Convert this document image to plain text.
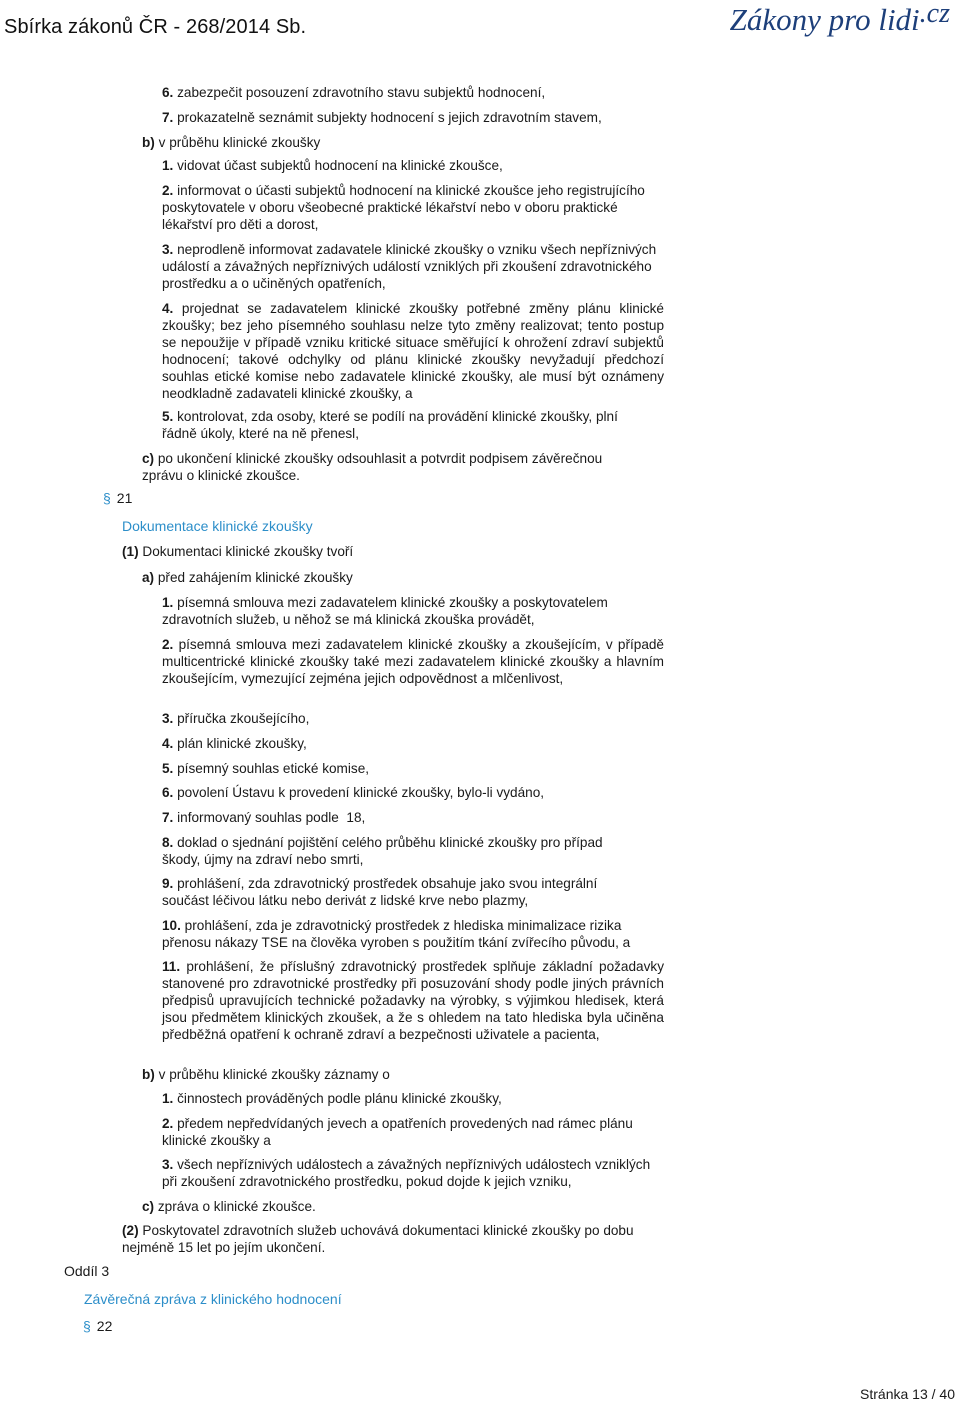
Sbírka zákonů ČR - 268/2014 Sb.	Zákony pro lidi.cz

6. zabezpečit posouzení zdravotního stavu subjektů hodnocení,

7. prokazatelně seznámit subjekty hodnocení s jejich zdravotním stavem,

b) v průběhu klinické zkoušky

1. vidovat účast subjektů hodnocení na klinické zkoušce,

2. informovat o účasti subjektů hodnocení na klinické zkoušce jeho registrujícího poskytovatele v oboru všeobecné praktické lékařství nebo v oboru praktické lékařství pro děti a dorost,

3. neprodleně informovat zadavatele klinické zkoušky o vzniku všech nepříznivých událostí a závažných nepříznivých událostí vzniklých při zkoušení zdravotnického prostředku a o učiněných opatřeních,

4. projednat se zadavatelem klinické zkoušky potřebné změny plánu klinické zkoušky; bez jeho písemného souhlasu nelze tyto změny realizovat; tento postup se nepoužije v případě vzniku kritické situace směřující k ohrožení zdraví subjektů hodnocení; takové odchylky od plánu klinické zkoušky nevyžadují předchozí souhlas etické komise nebo zadavatele klinické zkoušky, ale musí být oznámeny neodkladně zadavateli klinické zkoušky, a

5. kontrolovat, zda osoby, které se podílí na provádění klinické zkoušky, plní řádně úkoly, které na ně přenesl,

c) po ukončení klinické zkoušky odsouhlasit a potvrdit podpisem závěrečnou zprávu o klinické zkoušce.

§ 21
Dokumentace klinické zkoušky

(1) Dokumentaci klinické zkoušky tvoří

a) před zahájením klinické zkoušky

1. písemná smlouva mezi zadavatelem klinické zkoušky a poskytovatelem zdravotních služeb, u něhož se má klinická zkouška provádět,

2. písemná smlouva mezi zadavatelem klinické zkoušky a zkoušejícím, v případě multicentrické klinické zkoušky také mezi zadavatelem klinické zkoušky a hlavním zkoušejícím, vymezující zejména jejich odpovědnost a mlčenlivost,

3. příručka zkoušejícího,

4. plán klinické zkoušky,

5. písemný souhlas etické komise,

6. povolení Ústavu k provedení klinické zkoušky, bylo-li vydáno,

7. informovaný souhlas podle  18,

8. doklad o sjednání pojištění celého průběhu klinické zkoušky pro případ škody, újmy na zdraví nebo smrti,

9. prohlášení, zda zdravotnický prostředek obsahuje jako svou integrální součást léčivou látku nebo derivát z lidské krve nebo plazmy,

10. prohlášení, zda je zdravotnický prostředek z hlediska minimalizace rizika přenosu nákazy TSE na člověka vyroben s použitím tkání zvířecího původu, a

11. prohlášení, že příslušný zdravotnický prostředek splňuje základní požadavky stanovené pro zdravotnické prostředky při posuzování shody podle jiných právních předpisů upravujících technické požadavky na výrobky, s výjimkou hledisek, která jsou předmětem klinických zkoušek, a že s ohledem na tato hlediska byla učiněna předběžná opatření k ochraně zdraví a bezpečnosti uživatele a pacienta,

b) v průběhu klinické zkoušky záznamy o

1. činnostech prováděných podle plánu klinické zkoušky,

2. předem nepředvídaných jevech a opatřeních provedených nad rámec plánu klinické zkoušky a

3. všech nepříznivých událostech a závažných nepříznivých událostech vzniklých při zkoušení zdravotnického prostředku, pokud dojde k jejich vzniku,

c) zpráva o klinické zkoušce.

(2) Poskytovatel zdravotních služeb uchovává dokumentaci klinické zkoušky po dobu nejméně 15 let po jejím ukončení.

Oddíl 3
Závěrečná zpráva z klinického hodnocení
§ 22
Stránka 13 / 40
